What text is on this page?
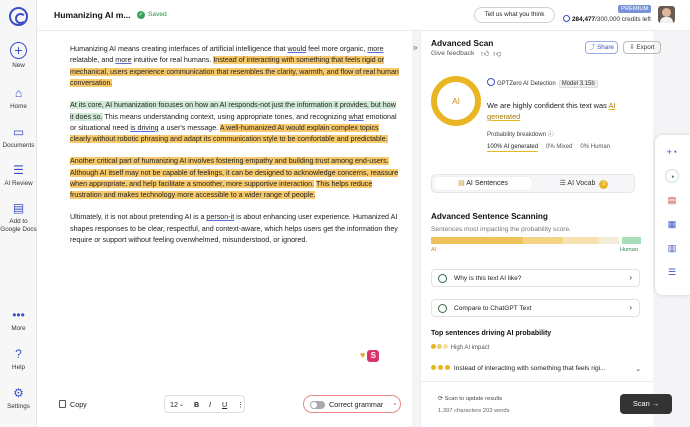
+
New
⌂
Home
▭
Documents
☰
AI Review
▤
Add to Google Docs
•••
More
?
Help
⚙
Settings
Humanizing AI m... ✓ Saved	Tell us what you think
PREMIUM
284,477/300,000 credits left

Humanizing AI means creating interfaces of artificial intelligence that would feel more organic, more relatable, and more intuitive for real humans. Instead of interacting with something that feels rigid or mechanical, users experience communication that resembles the clarity, warmth, and flow of real human conversation.

At its core, AI humanization focuses on how an AI responds-not just the information it provides, but how it does so. This means understanding context, using appropriate tones, and recognizing what emotional or situational need is driving a user's message. A well-humanized AI would explain complex topics clearly without robotic phrasing and adapt its communication style to be comfortable and predictable.

Another critical part of humanizing AI involves fostering empathy and building trust among end-users. Although AI itself may not be capable of feelings, it can be designed to acknowledge concerns, reassure when appropriate, and help facilitate a smoother, more supportive interaction. This helps reduce frustration and makes technology more accessible to a wider range of people.

Ultimately, it is not about pretending AI is a person-it is about enhancing user experience. Humanized AI shapes responses to be clear, respectful, and context-aware, which helps users get the information they require or support without feeling overwhelmed, misunderstood, or ignored.

♥ S
Copy	12 ⌄ B I U ⋮	Correct grammar ⌄
» Advanced Scan
Give feedback 👍︎👎︎
⤴ Share	⇩ Export
AI
GPTZero AI Detection Model 3.15b
We are highly confident this text was AI generated
Probability breakdown ⓘ
100% AI generated 0% Mixed 0% Human
▤ AI Sentences	☰ AI Vocab 2
Advanced Sentence Scanning
Sentences most impacting the probability score.
AI	Human
Why is this text AI like?	›
Compare to ChatGPT Text	›
Top sentences driving AI probability
High AI impact
Instead of interacting with something that feels rigi...	⌄
⟳ Scan to update results
1,397 characters 203 words
Scan →
+◔
◔
▤
▦
▥
☰
